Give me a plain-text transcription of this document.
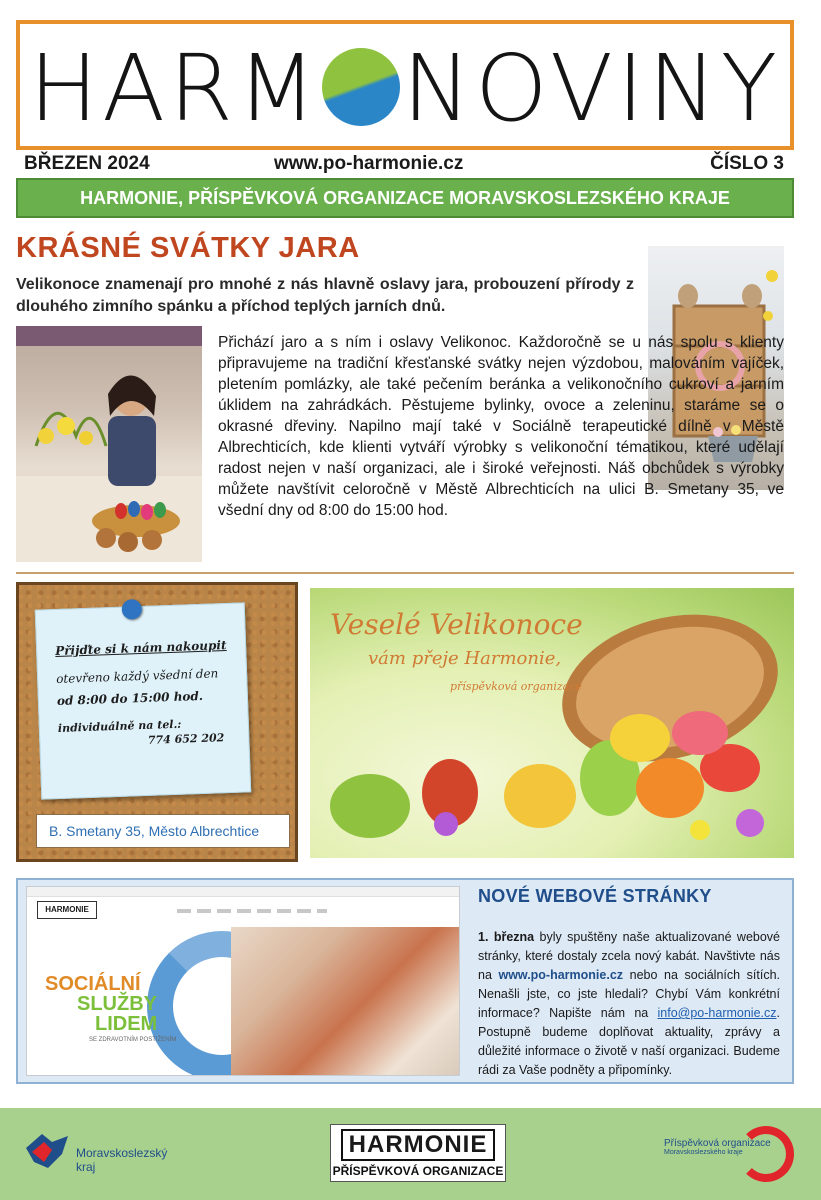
HARM NOVINY
BŘEZEN 2024	www.po-harmonie.cz	ČÍSLO 3
HARMONIE, PŘÍSPĚVKOVÁ ORGANIZACE MORAVSKOSLEZSKÉHO KRAJE
KRÁSNÉ SVÁTKY JARA
Velikonoce znamenají pro mnohé z nás hlavně oslavy jara, probouzení přírody z dlouhého zimního spánku a příchod teplých jarních dnů.
Přichází jaro a s ním i oslavy Velikonoc. Každoročně se u nás spolu s klienty připravujeme na tradiční křesťanské svátky nejen výzdobou, malováním vajíček, pletením pomlázky, ale také pečením beránka a velikonočního cukroví a jarním úklidem na zahrádkách. Pěstujeme bylinky, ovoce a zeleninu, staráme se o okrasné dřeviny. Napilno mají také v Sociálně terapeutické dílně v Městě Albrechticích, kde klienti vytváří výrobky s velikonoční tématikou, které udělají radost nejen v naší organizaci, ale i široké veřejnosti. Náš obchůdek s výrobky můžete navštívit celoročně v Městě Albrechticích na ulici B. Smetany 35, ve všední dny od 8:00 do 15:00 hod.
Přijďte si k nám nakoupit
otevřeno každý všední den
od 8:00 do 15:00 hod.
individuálně na tel.:
774 652 202
B. Smetany 35, Město Albrechtice
Veselé Velikonoce
vám přeje Harmonie,
příspěvková organizace
HARMONIE
SOCIÁLNÍ
SLUŽBY
LIDEM
SE ZDRAVOTNÍM POSTIŽENÍM
NOVÉ WEBOVÉ STRÁNKY
1. března byly spuštěny naše aktualizované webové stránky, které dostaly zcela nový kabát. Navštivte nás na www.po-harmonie.cz nebo na sociálních sítích. Nenašli jste, co jste hledali? Chybí Vám konkrétní informace? Napište nám na info@po-harmonie.cz. Postupně budeme doplňovat aktuality, zprávy a důležité informace o životě v naší organizaci. Budeme rádi za Vaše podněty a připomínky.
Moravskoslezský
kraj
HARMONIE
PŘÍSPĚVKOVÁ ORGANIZACE
Příspěvková organizace
Moravskoslezského kraje
